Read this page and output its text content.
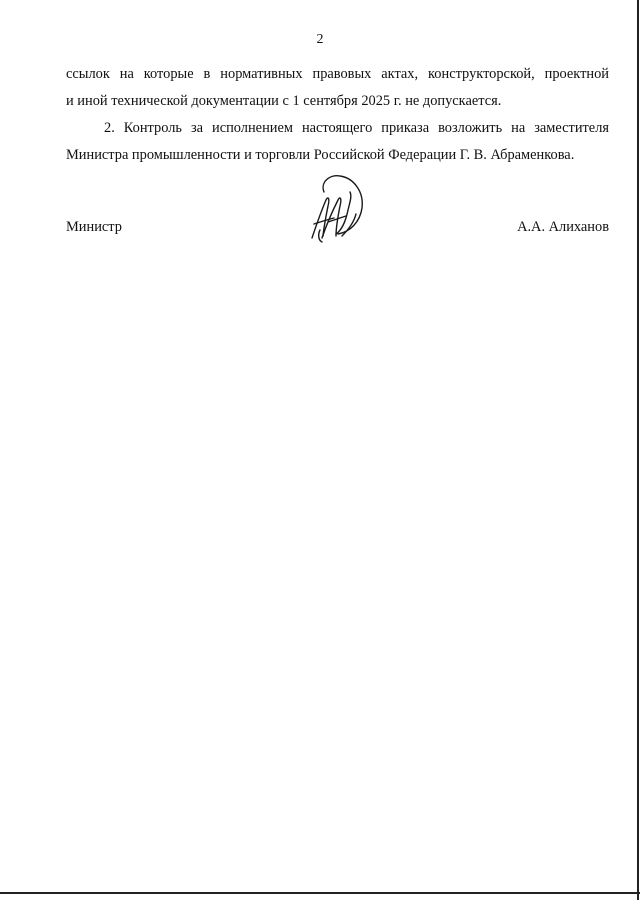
2
ссылок на которые в нормативных правовых актах, конструкторской, проектной
и иной технической документации с 1 сентября 2025 г. не допускается.
2. Контроль за исполнением настоящего приказа возложить на заместителя
Министра промышленности и торговли Российской Федерации Г. В. Абраменкова.
Министр	А.А. Алиханов
